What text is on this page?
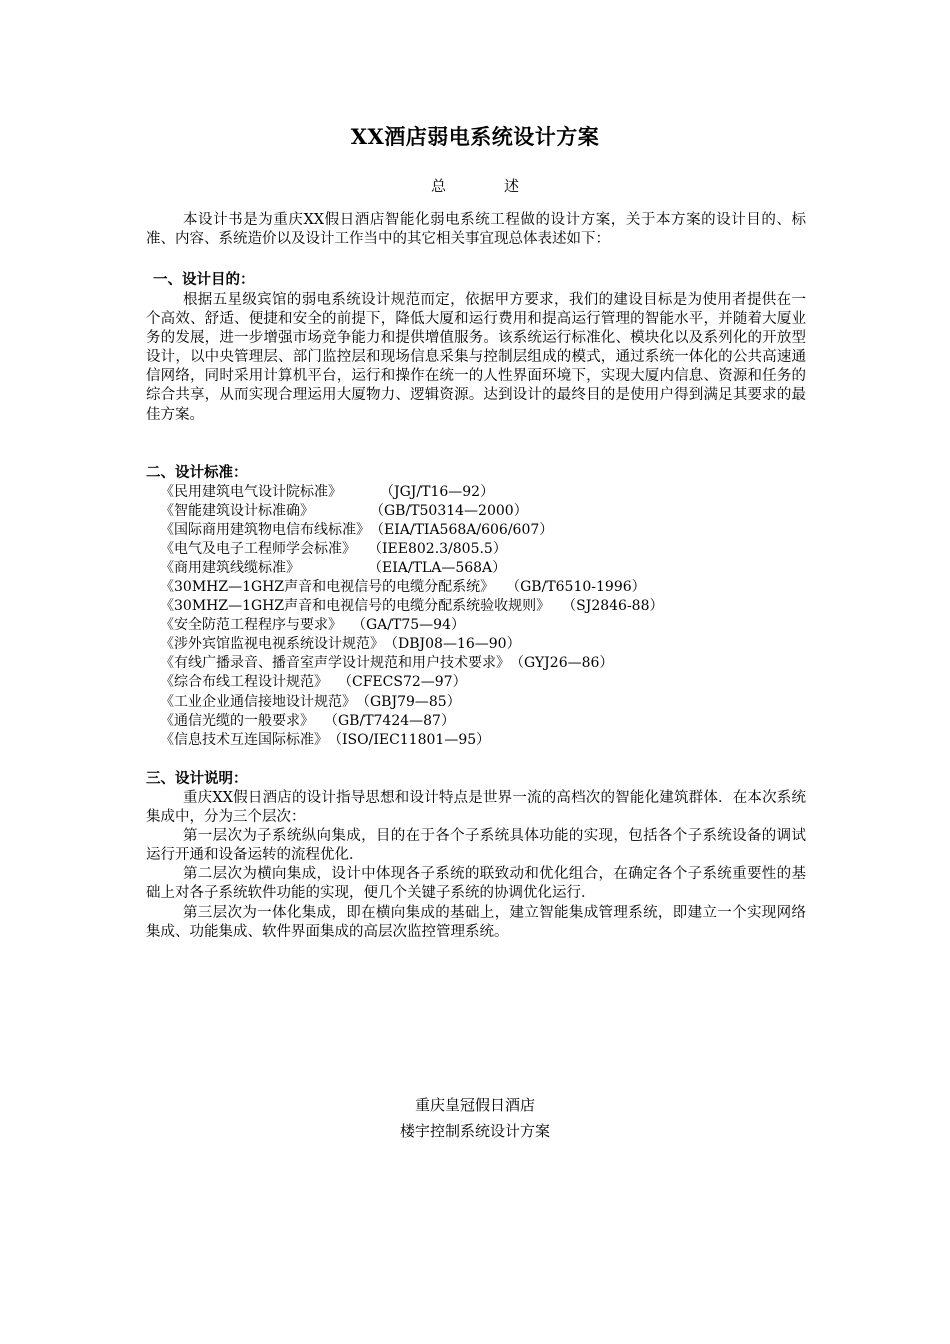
XX酒店弱电系统设计方案
总	述

本设计书是为重庆XX假日酒店智能化弱电系统工程做的设计方案，关于本方案的设计目的、标准、内容、系统造价以及设计工作当中的其它相关事宜现总体表述如下：

一、设计目的：

根据五星级宾馆的弱电系统设计规范而定，依据甲方要求，我们的建设目标是为使用者提供在一个高效、舒适、便捷和安全的前提下，降低大厦和运行费用和提高运行管理的智能水平，并随着大厦业务的发展，进一步增强市场竞争能力和提供增值服务。该系统运行标准化、模块化以及系列化的开放型设计，以中央管理层、部门监控层和现场信息采集与控制层组成的模式，通过系统一体化的公共高速通信网络，同时采用计算机平台，运行和操作在统一的人性界面环境下，实现大厦内信息、资源和任务的综合共享，从而实现合理运用大厦物力、逻辑资源。达到设计的最终目的是使用户得到满足其要求的最佳方案。

二、设计标准：
《民用建筑电气设计院标准》	（JGJ/T16—92）
《智能建筑设计标准确》	（GB/T50314—2000）
《国际商用建筑物电信布线标准》（EIA/TIA568A/606/607）
《电气及电子工程师学会标准》 （IEE802.3/805.5）
《商用建筑线缆标准》	（EIA/TLA—568A）
《30MHZ—1GHZ声音和电视信号的电缆分配系统》 （GB/T6510-1996）
《30MHZ—1GHZ声音和电视信号的电缆分配系统验收规则》 （SJ2846-88）
《安全防范工程程序与要求》 （GA/T75—94）
《涉外宾馆监视电视系统设计规范》（DBJ08—16—90）
《有线广播录音、播音室声学设计规范和用户技术要求》（GYJ26—86）
《综合布线工程设计规范》 （CFECS72—97）
《工业企业通信接地设计规范》（GBJ79—85）
《通信光缆的一般要求》 （GB/T7424—87）
《信息技术互连国际标准》（ISO/IEC11801—95）
三、设计说明：

重庆XX假日酒店的设计指导思想和设计特点是世界一流的高档次的智能化建筑群体．在本次系统集成中，分为三个层次：

第一层次为子系统纵向集成，目的在于各个子系统具体功能的实现，包括各个子系统设备的调试运行开通和设备运转的流程优化．

第二层次为横向集成，设计中体现各子系统的联致动和优化组合，在确定各个子系统重要性的基础上对各子系统软件功能的实现，便几个关键子系统的协调优化运行．

第三层次为一体化集成，即在横向集成的基础上，建立智能集成管理系统，即建立一个实现网络集成、功能集成、软件界面集成的高层次监控管理系统。

重庆皇冠假日酒店
楼宇控制系统设计方案
